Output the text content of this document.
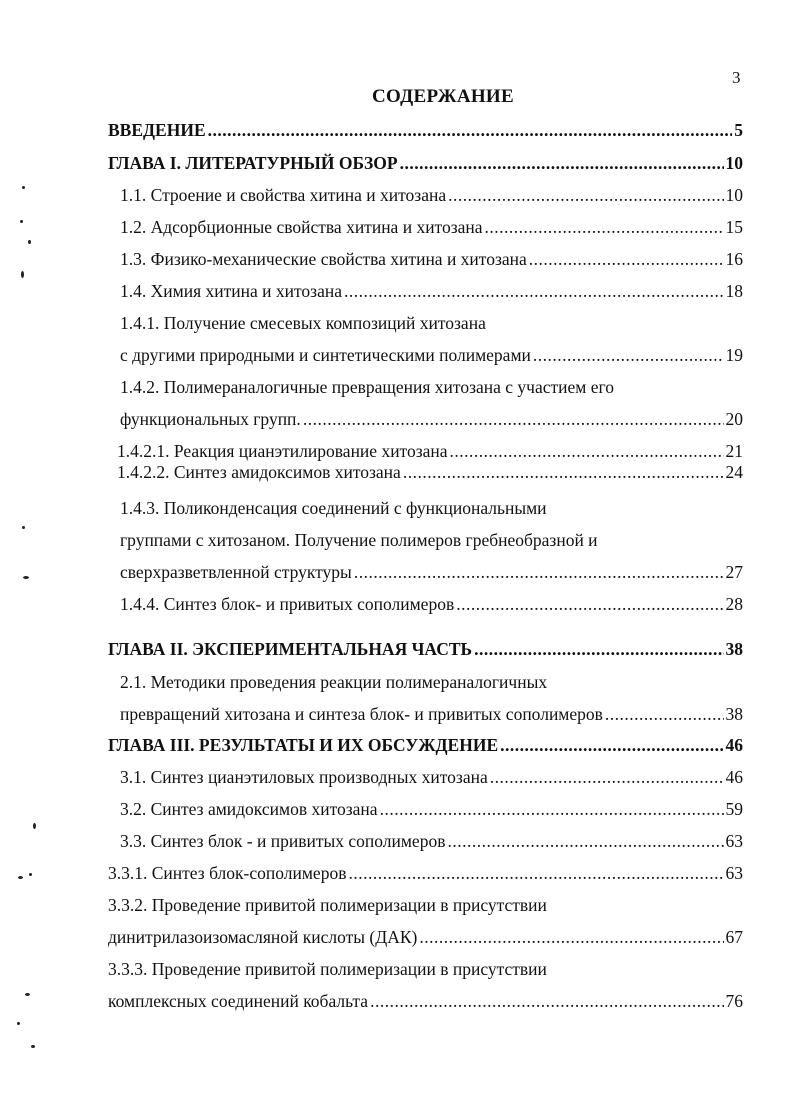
3
СОДЕРЖАНИЕ
ВВЕДЕНИЕ .....	5
ГЛАВА I. ЛИТЕРАТУРНЫЙ ОБЗОР .....	10
1.1. Строение и свойства хитина и хитозана .....	10
1.2. Адсорбционные свойства хитина и хитозана .....	15
1.3. Физико-механические свойства хитина и хитозана .....	16
1.4. Химия хитина и хитозана .....	18
1.4.1. Получение смесевых композиций хитозана
с другими природными и синтетическими полимерами .....	19
1.4.2. Полимераналогичные превращения хитозана с участием его
функциональных групп. .....	20
1.4.2.1. Реакция цианэтилирование хитозана .....	21
1.4.2.2. Синтез амидоксимов хитозана .....	24
1.4.3. Поликонденсация соединений с функциональными
группами с хитозаном. Получение полимеров гребнеобразной и
сверхразветвленной структуры .....	27
1.4.4. Синтез блок- и привитых сополимеров .....	28
ГЛАВА II. ЭКСПЕРИМЕНТАЛЬНАЯ ЧАСТЬ .....	38
2.1. Методики проведения реакции полимераналогичных
превращений хитозана и синтеза блок- и привитых сополимеров .....	38
ГЛАВА III. РЕЗУЛЬТАТЫ И ИХ ОБСУЖДЕНИЕ .....	46
3.1. Синтез цианэтиловых производных хитозана .....	46
3.2. Синтез амидоксимов хитозана .....	59
3.3. Синтез блок - и привитых сополимеров .....	63
3.3.1. Синтез блок-сополимеров .....	63
3.3.2. Проведение привитой полимеризации в присутствии
динитрилазоизомасляной кислоты (ДАК) .....	67
3.3.3. Проведение привитой полимеризации в присутствии
комплексных соединений кобальта .....	76
